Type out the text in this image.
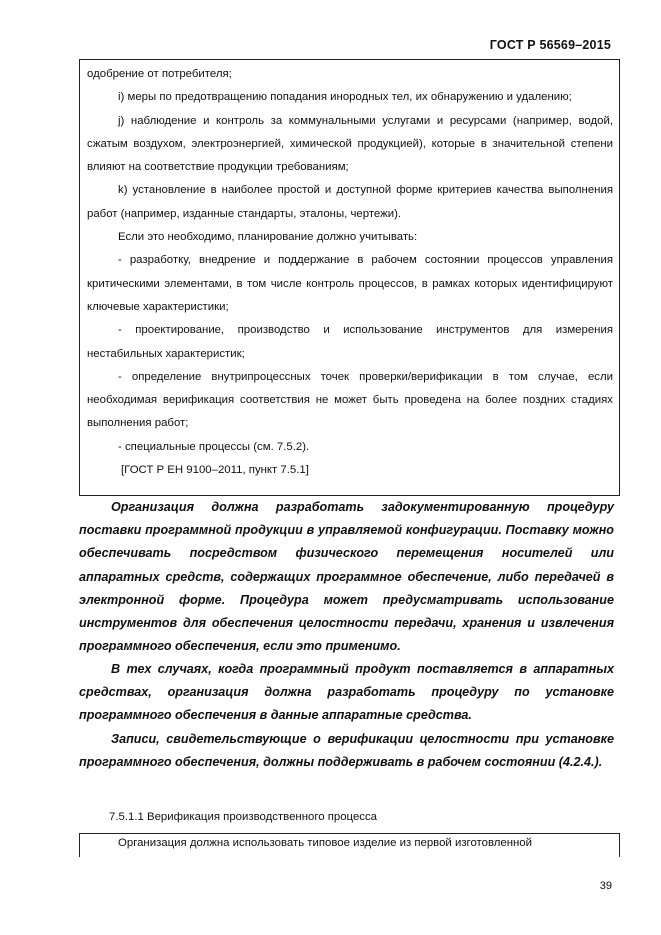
ГОСТ Р 56569–2015

одобрение от потребителя;

i) меры по предотвращению попадания инородных тел, их обнаружению и удалению;

j) наблюдение и контроль за коммунальными услугами и ресурсами (например, водой, сжатым воздухом, электроэнергией, химической продукцией), которые в значительной степени влияют на соответствие продукции требованиям;

k) установление в наиболее простой и доступной форме критериев качества выполнения работ (например, изданные стандарты, эталоны, чертежи).

Если это необходимо, планирование должно учитывать:

- разработку, внедрение и поддержание в рабочем состоянии процессов управления критическими элементами, в том числе контроль процессов, в рамках которых идентифицируют ключевые характеристики;

- проектирование, производство и использование инструментов для измерения нестабильных характеристик;

- определение внутрипроцессных точек проверки/верификации в том случае, если необходимая верификация соответствия не может быть проведена на более поздних стадиях выполнения работ;

- специальные процессы (см. 7.5.2).

[ГОСТ Р ЕН 9100–2011, пункт 7.5.1]

Организация должна разработать задокументированную процедуру поставки программной продукции в управляемой конфигурации. Поставку можно обеспечивать посредством физического перемещения носителей или аппаратных средств, содержащих программное обеспечение, либо передачей в электронной форме. Процедура может предусматривать использование инструментов для обеспечения целостности передачи, хранения и извлечения программного обеспечения, если это применимо.

В тех случаях, когда программный продукт поставляется в аппаратных средствах, организация должна разработать процедуру по установке программного обеспечения в данные аппаратные средства.

Записи, свидетельствующие о верификации целостности при установке программного обеспечения, должны поддерживать в рабочем состоянии (4.2.4.).

7.5.1.1 Верификация производственного процесса

Организация должна использовать типовое изделие из первой изготовленной

39
